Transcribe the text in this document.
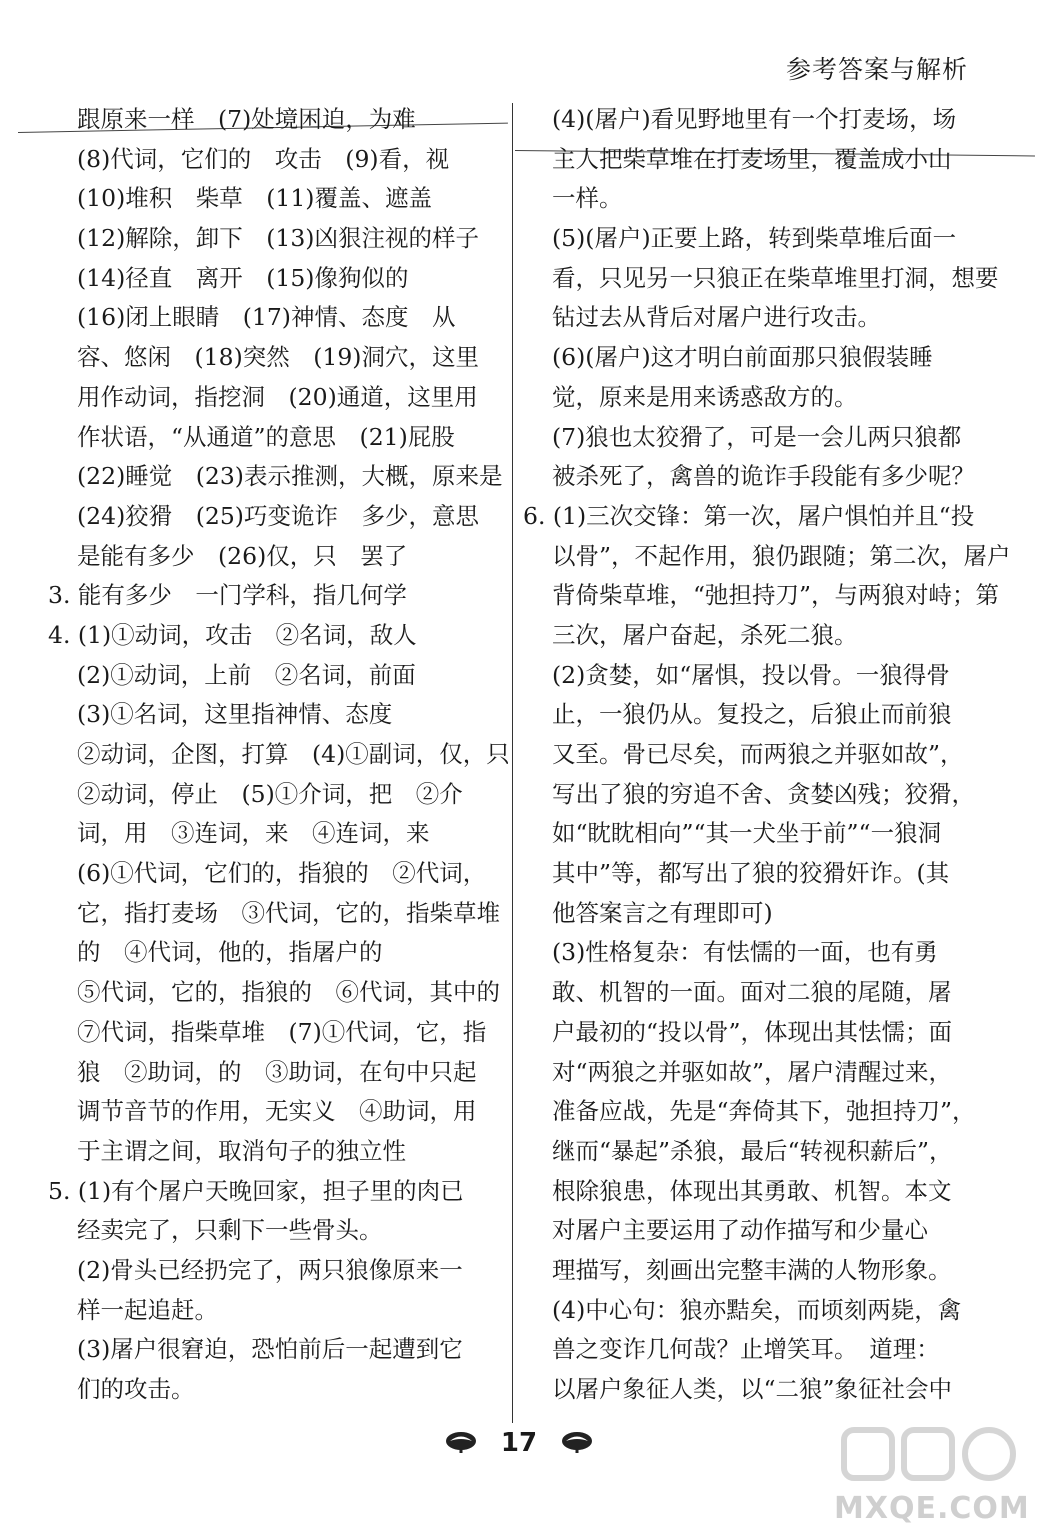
参考答案与解析
跟原来一样　(7)处境困迫，为难
(8)代词，它们的　攻击　(9)看，视
(10)堆积　柴草　(11)覆盖、遮盖
(12)解除，卸下　(13)凶狠注视的样子
(14)径直　离开　(15)像狗似的
(16)闭上眼睛　(17)神情、态度　从
容、悠闲　(18)突然　(19)洞穴，这里
用作动词，指挖洞　(20)通道，这里用
作状语，“从通道”的意思　(21)屁股
(22)睡觉　(23)表示推测，大概，原来是
(24)狡猾　(25)巧变诡诈　多少，意思
是能有多少　(26)仅，只　罢了
3. 能有多少　一门学科，指几何学
4. (1)①动词，攻击　②名词，敌人
(2)①动词，上前　②名词，前面
(3)①名词，这里指神情、态度
②动词，企图，打算　(4)①副词，仅，只
②动词，停止　(5)①介词，把　②介
词，用　③连词，来　④连词，来
(6)①代词，它们的，指狼的　②代词，
它，指打麦场　③代词，它的，指柴草堆
的　④代词，他的，指屠户的
⑤代词，它的，指狼的　⑥代词，其中的
⑦代词，指柴草堆　(7)①代词，它，指
狼　②助词，的　③助词，在句中只起
调节音节的作用，无实义　④助词，用
于主谓之间，取消句子的独立性
5. (1)有个屠户天晚回家，担子里的肉已
经卖完了，只剩下一些骨头。
(2)骨头已经扔完了，两只狼像原来一
样一起追赶。
(3)屠户很窘迫，恐怕前后一起遭到它
们的攻击。
(4)(屠户)看见野地里有一个打麦场，场
主人把柴草堆在打麦场里，覆盖成小山
一样。
(5)(屠户)正要上路，转到柴草堆后面一
看，只见另一只狼正在柴草堆里打洞，想要
钻过去从背后对屠户进行攻击。
(6)(屠户)这才明白前面那只狼假装睡
觉，原来是用来诱惑敌方的。
(7)狼也太狡猾了，可是一会儿两只狼都
被杀死了，禽兽的诡诈手段能有多少呢？
6. (1)三次交锋：第一次，屠户惧怕并且“投
以骨”，不起作用，狼仍跟随；第二次，屠户
背倚柴草堆，“弛担持刀”，与两狼对峙；第
三次，屠户奋起，杀死二狼。
(2)贪婪，如“屠惧，投以骨。一狼得骨
止，一狼仍从。复投之，后狼止而前狼
又至。骨已尽矣，而两狼之并驱如故”，
写出了狼的穷追不舍、贪婪凶残；狡猾，
如“眈眈相向”“其一犬坐于前”“一狼洞
其中”等，都写出了狼的狡猾奸诈。(其
他答案言之有理即可)
(3)性格复杂：有怯懦的一面，也有勇
敢、机智的一面。面对二狼的尾随，屠
户最初的“投以骨”，体现出其怯懦；面
对“两狼之并驱如故”，屠户清醒过来，
准备应战，先是“奔倚其下，弛担持刀”，
继而“暴起”杀狼，最后“转视积薪后”，
根除狼患，体现出其勇敢、机智。本文
对屠户主要运用了动作描写和少量心
理描写，刻画出完整丰满的人物形象。
(4)中心句：狼亦黠矣，而顷刻两毙，禽
兽之变诈几何哉？止增笑耳。　道理：
以屠户象征人类，以“二狼”象征社会中
17
MXQE.COM
